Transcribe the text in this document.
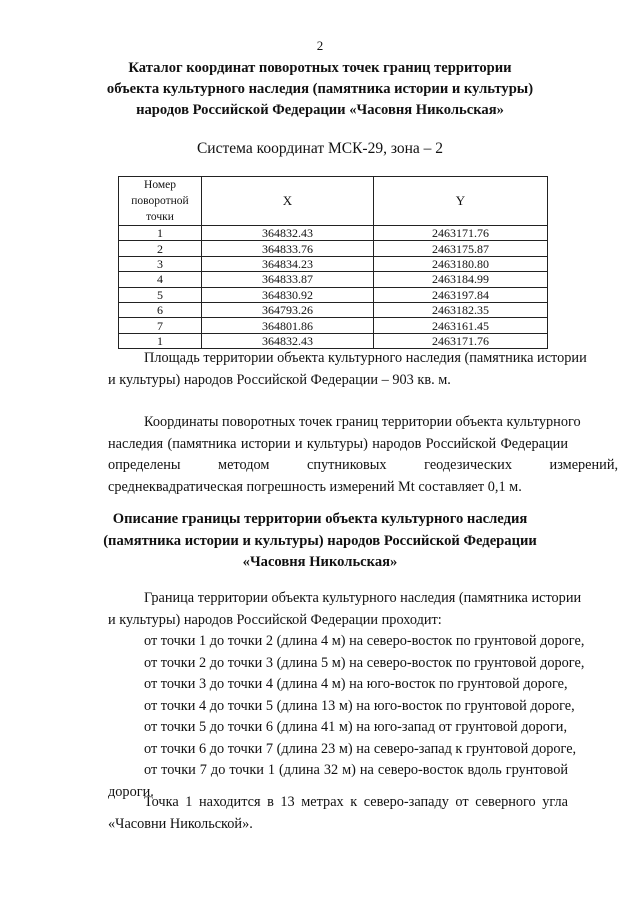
2
Каталог координат поворотных точек границ территории
объекта культурного наследия (памятника истории и культуры)
народов Российской Федерации «Часовня Никольская»
Система координат МСК-29, зона – 2
Номер поворотной точки	X	Y
1	364832.43	2463171.76
2	364833.76	2463175.87
3	364834.23	2463180.80
4	364833.87	2463184.99
5	364830.92	2463197.84
6	364793.26	2463182.35
7	364801.86	2463161.45
1	364832.43	2463171.76
Площадь территории объекта культурного наследия (памятника истории
и культуры) народов Российской Федерации – 903 кв. м.
Координаты поворотных точек границ территории объекта культурного
наследия (памятника истории и культуры) народов Российской Федерации
определены методом спутниковых геодезических измерений,
среднеквадратическая погрешность измерений Mt составляет 0,1 м.
Описание границы территории объекта культурного наследия
(памятника истории и культуры) народов Российской Федерации
«Часовня Никольская»
Граница территории объекта культурного наследия (памятника истории
и культуры) народов Российской Федерации проходит:
от точки 1 до точки 2 (длина 4 м) на северо-восток по грунтовой дороге,
от точки 2 до точки 3 (длина 5 м) на северо-восток по грунтовой дороге,
от точки 3 до точки 4 (длина 4 м) на юго-восток по грунтовой дороге,
от точки 4 до точки 5 (длина 13 м) на юго-восток по грунтовой дороге,
от точки 5 до точки 6 (длина 41 м) на юго-запад от грунтовой дороги,
от точки 6 до точки 7 (длина 23 м) на северо-запад к грунтовой дороге,
от точки 7 до точки 1 (длина 32 м) на северо-восток вдоль грунтовой
дороги.
Точка 1 находится в 13 метрах к северо-западу от северного угла
«Часовни Никольской».
